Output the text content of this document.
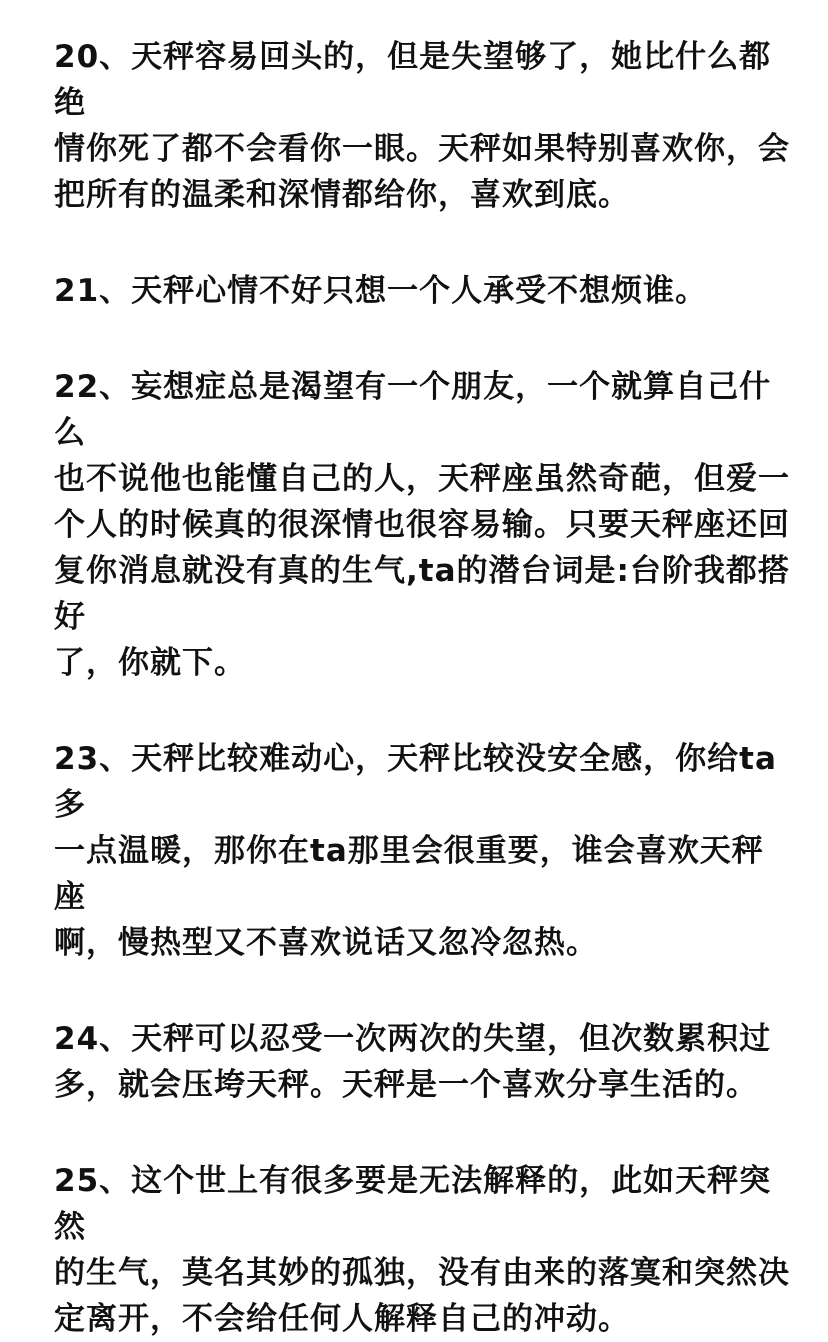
20、天秤容易回头的，但是失望够了，她比什么都绝
情你死了都不会看你一眼。天秤如果特别喜欢你，会
把所有的温柔和深情都给你，喜欢到底。

21、天秤心情不好只想一个人承受不想烦谁。

22、妄想症总是渴望有一个朋友，一个就算自己什么
也不说他也能懂自己的人，天秤座虽然奇葩，但爱一
个人的时候真的很深情也很容易输。只要天秤座还回
复你消息就没有真的生气,ta的潜台词是:台阶我都搭好
了，你就下。

23、天秤比较难动心，天秤比较没安全感，你给ta多
一点温暖，那你在ta那里会很重要，谁会喜欢天秤座
啊，慢热型又不喜欢说话又忽冷忽热。

24、天秤可以忍受一次两次的失望，但次数累积过
多，就会压垮天秤。天秤是一个喜欢分享生活的。

25、这个世上有很多要是无法解释的，此如天秤突然
的生气，莫名其妙的孤独，没有由来的落寞和突然决
定离开，不会给任何人解释自己的冲动。
